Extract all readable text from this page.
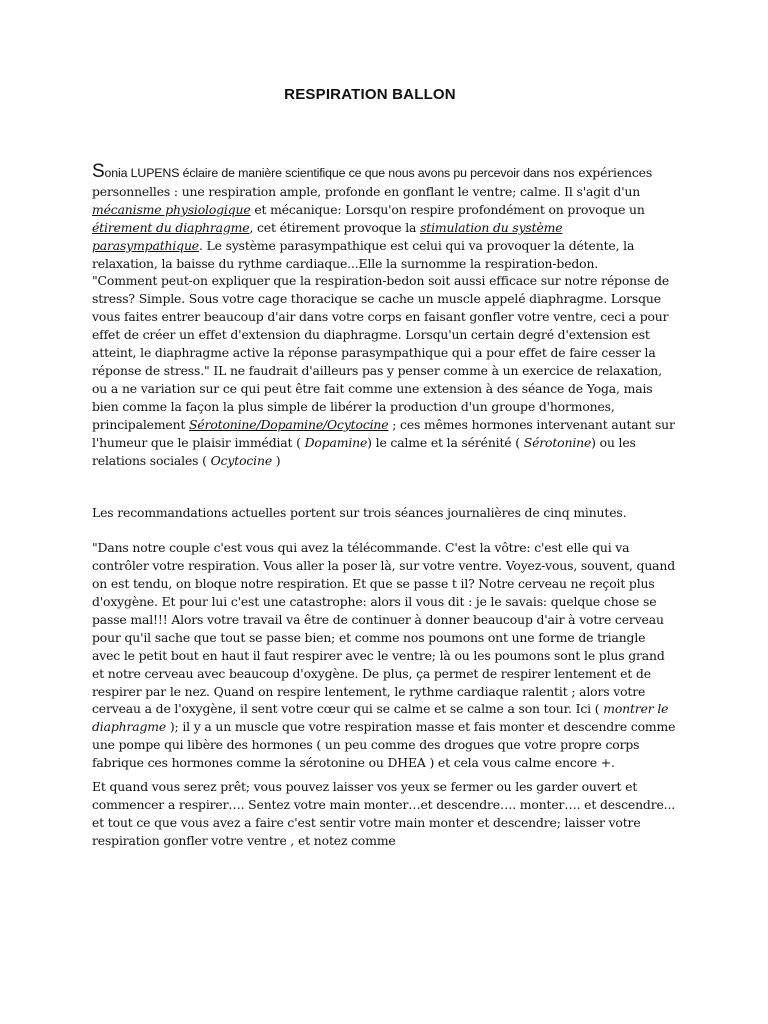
RESPIRATION BALLON

Sonia LUPENS éclaire de manière scientifique ce que nous avons pu percevoir dans nos expériences personnelles : une respiration ample, profonde en gonflant le ventre; calme. Il s'agit d'un mécanisme physiologique et mécanique: Lorsqu'on respire profondément on provoque un étirement du diaphragme, cet étirement provoque la stimulation du système parasympathique. Le système parasympathique est celui qui va provoquer la détente, la relaxation, la baisse du rythme cardiaque...Elle la surnomme la respiration-bedon.

"Comment peut-on expliquer que la respiration-bedon soit aussi efficace sur notre réponse de stress? Simple. Sous votre cage thoracique se cache un muscle appelé diaphragme. Lorsque vous faites entrer beaucoup d'air dans votre corps en faisant gonfler votre ventre, ceci a pour effet de créer un effet d'extension du diaphragme. Lorsqu'un certain degré d'extension est atteint, le diaphragme active la réponse parasympathique qui a pour effet de faire cesser la réponse de stress." IL ne faudrait d'ailleurs pas y penser comme à un exercice de relaxation, ou a ne variation sur ce qui peut être fait comme une extension à des séance de Yoga, mais bien comme la façon la plus simple de libérer la production d'un groupe d'hormones, principalement Sérotonine/Dopamine/Ocytocine ; ces mêmes hormones intervenant autant sur l'humeur que le plaisir immédiat ( Dopamine) le calme et la sérénité ( Sérotonine) ou les relations sociales ( Ocytocine )

Les recommandations actuelles portent sur trois séances journalières de cinq minutes.

"Dans notre couple c'est vous qui avez la télécommande. C'est la vôtre: c'est elle qui va contrôler votre respiration. Vous aller la poser là, sur votre ventre. Voyez-vous, souvent, quand on est tendu, on bloque notre respiration. Et que se passe t il? Notre cerveau ne reçoit plus d'oxygène. Et pour lui c'est une catastrophe: alors il vous dit : je le savais: quelque chose se passe mal!!! Alors votre travail va être de continuer à donner beaucoup d'air à votre cerveau pour qu'il sache que tout se passe bien; et comme nos poumons ont une forme de triangle avec le petit bout en haut il faut respirer avec le ventre; là ou les poumons sont le plus grand et notre cerveau avec beaucoup d'oxygène. De plus, ça permet de respirer lentement et de respirer par le nez. Quand on respire lentement, le rythme cardiaque ralentit ; alors votre cerveau a de l'oxygène, il sent votre cœur qui se calme et se calme a son tour. Ici ( montrer le diaphragme ); il y a un muscle que votre respiration masse et fais monter et descendre comme une pompe qui libère des hormones ( un peu comme des drogues que votre propre corps fabrique ces hormones comme la sérotonine ou DHEA ) et cela vous calme encore +.

Et quand vous serez prêt; vous pouvez laisser vos yeux se fermer ou les garder ouvert et commencer a respirer…. Sentez votre main monter…et descendre…. monter…. et descendre... et tout ce que vous avez a faire c'est sentir votre main monter et descendre; laisser votre respiration gonfler votre ventre , et notez comme
